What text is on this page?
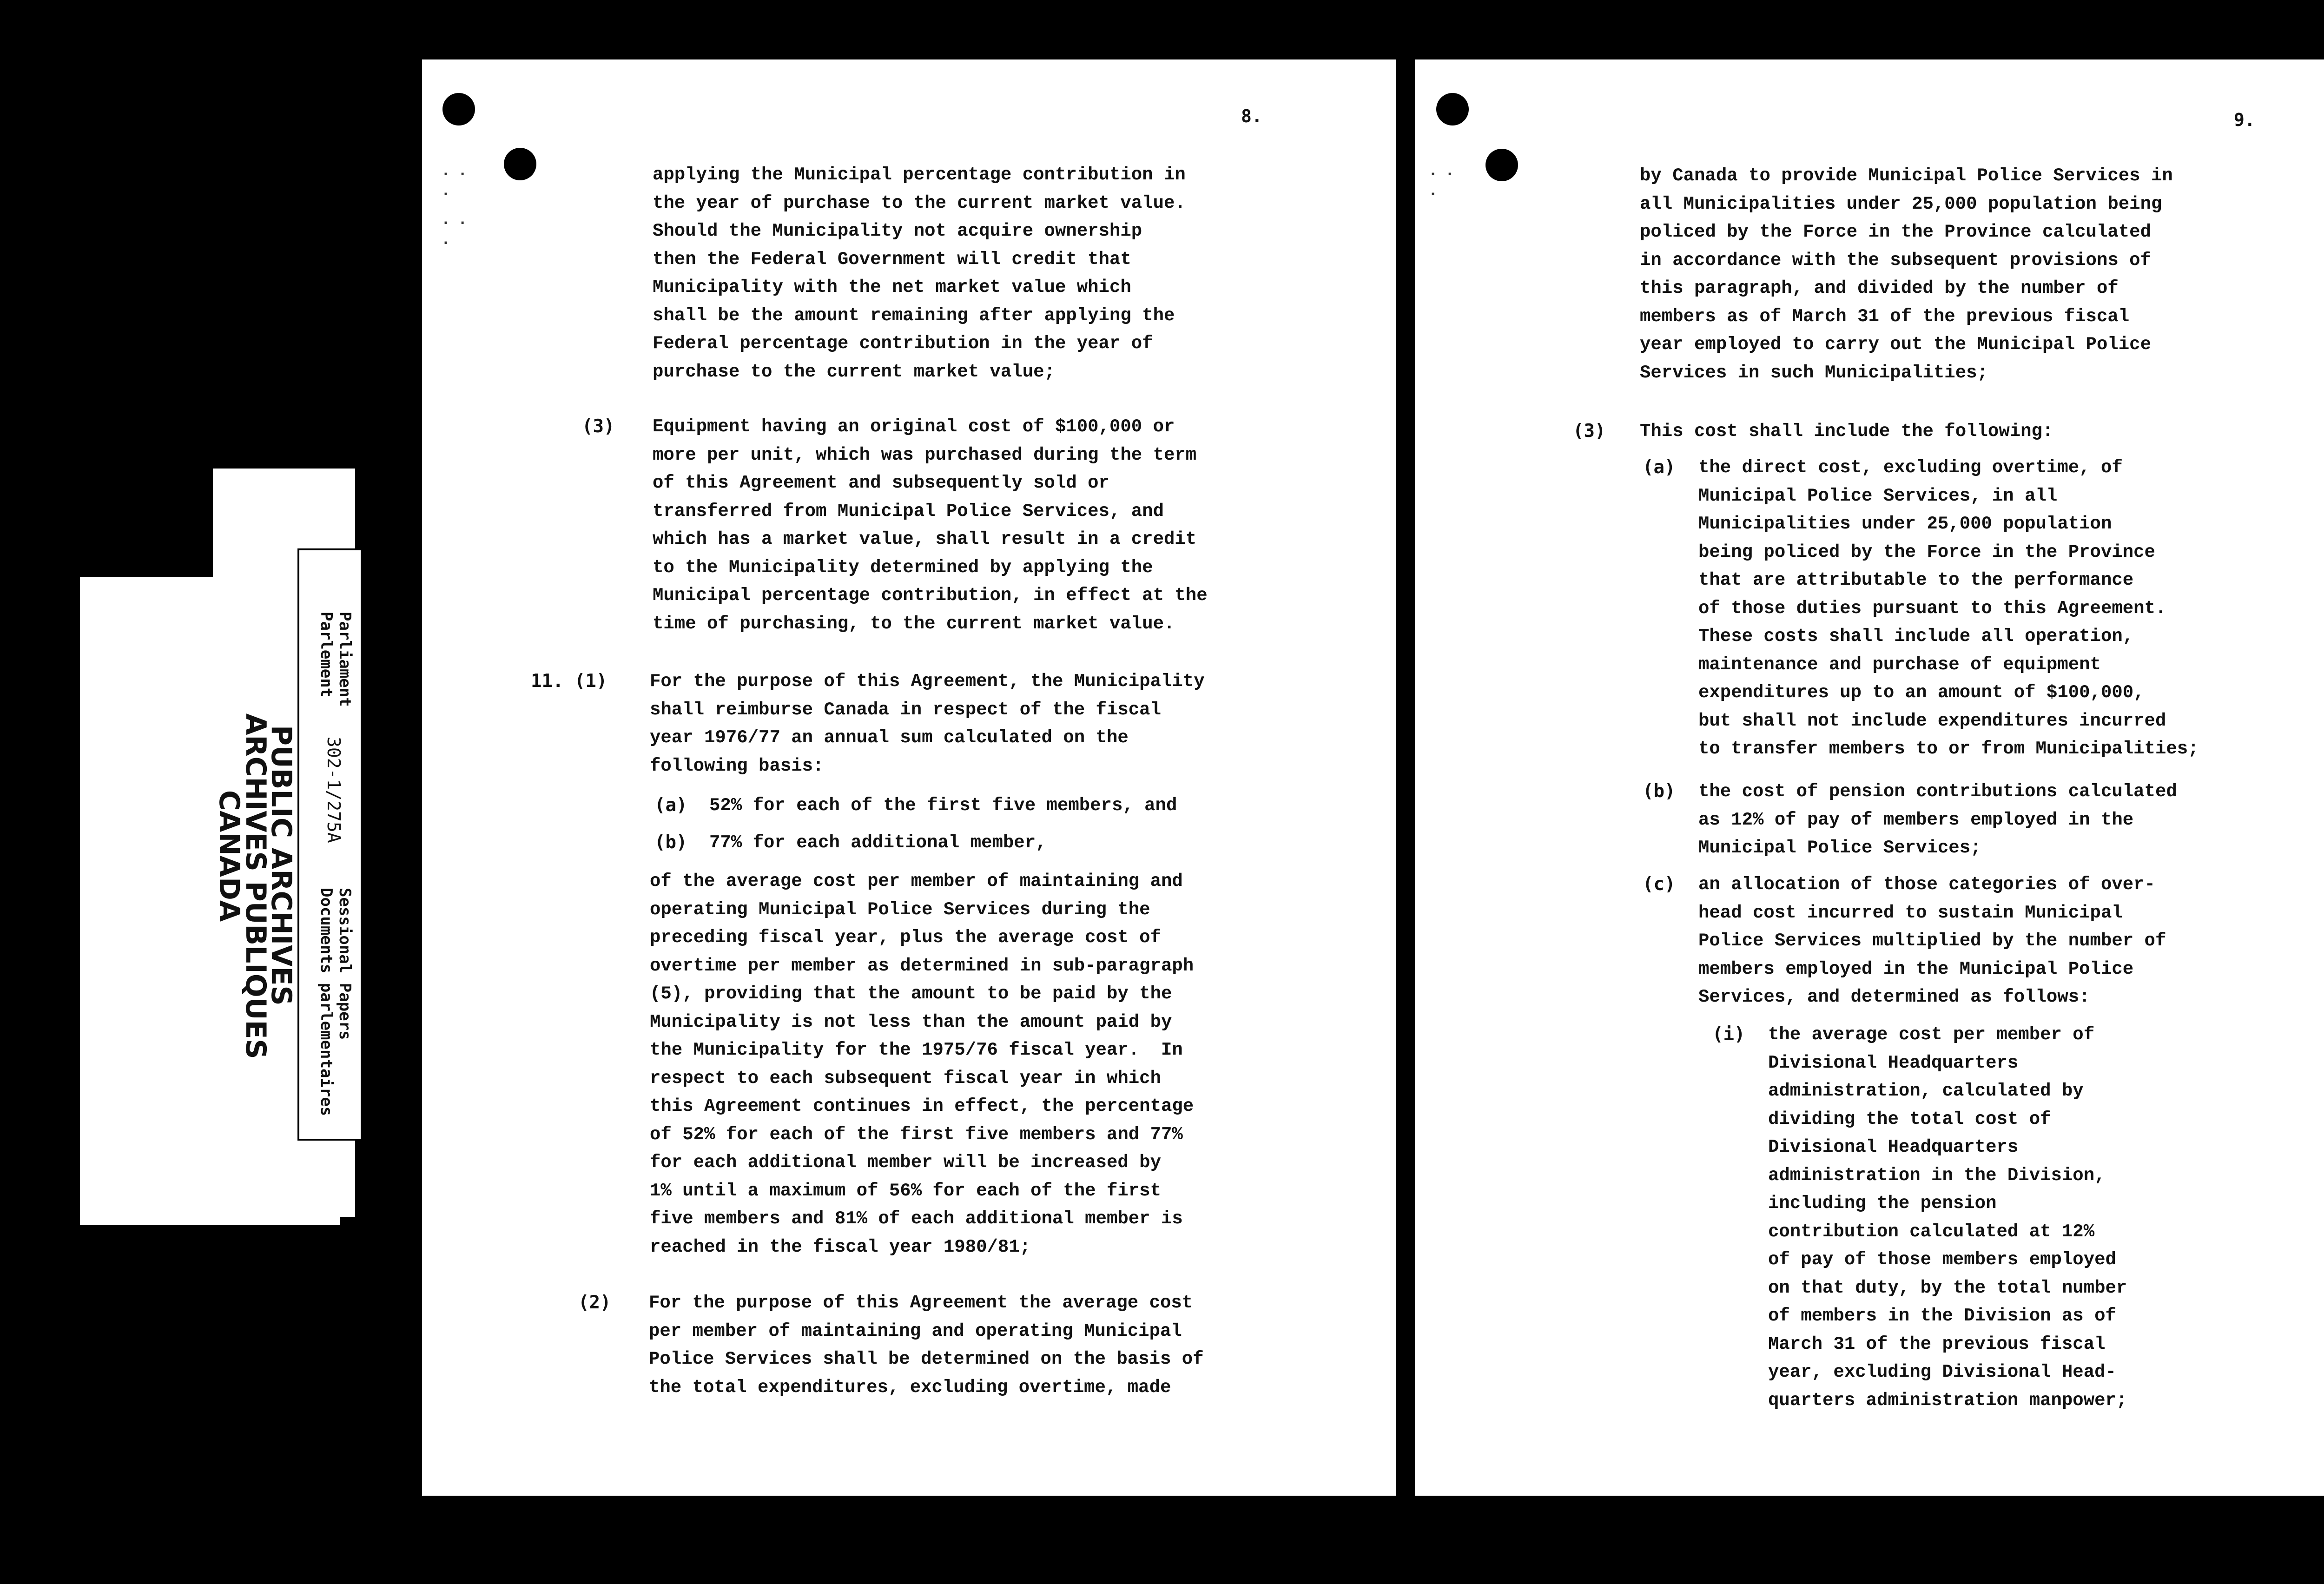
PUBLIC ARCHIVES
ARCHIVES PUBLIQUES
CANADA
Parliament
Parlement
302-1/275A
Sessional Papers
Documents parlementaires
· ·
.

· ·
.
8.
applying the Municipal percentage contribution in
the year of purchase to the current market value.
Should the Municipality not acquire ownership
then the Federal Government will credit that
Municipality with the net market value which
shall be the amount remaining after applying the
Federal percentage contribution in the year of
purchase to the current market value;
(3) Equipment having an original cost of $100,000 or
more per unit, which was purchased during the term
of this Agreement and subsequently sold or
transferred from Municipal Police Services, and
which has a market value, shall result in a credit
to the Municipality determined by applying the
Municipal percentage contribution, in effect at the
time of purchasing, to the current market value.
11. (1) For the purpose of this Agreement, the Municipality
shall reimburse Canada in respect of the fiscal
year 1976/77 an annual sum calculated on the
following basis:
(a) 52% for each of the first five members, and
(b) 77% for each additional member,
of the average cost per member of maintaining and
operating Municipal Police Services during the
preceding fiscal year, plus the average cost of
overtime per member as determined in sub-paragraph
(5), providing that the amount to be paid by the
Municipality is not less than the amount paid by
the Municipality for the 1975/76 fiscal year.  In
respect to each subsequent fiscal year in which
this Agreement continues in effect, the percentage
of 52% for each of the first five members and 77%
for each additional member will be increased by
1% until a maximum of 56% for each of the first
five members and 81% of each additional member is
reached in the fiscal year 1980/81;
(2) For the purpose of this Agreement the average cost
per member of maintaining and operating Municipal
Police Services shall be determined on the basis of
the total expenditures, excluding overtime, made
· ·
.
9.
by Canada to provide Municipal Police Services in
all Municipalities under 25,000 population being
policed by the Force in the Province calculated
in accordance with the subsequent provisions of
this paragraph, and divided by the number of
members as of March 31 of the previous fiscal
year employed to carry out the Municipal Police
Services in such Municipalities;
(3) This cost shall include the following:
(a) the direct cost, excluding overtime, of
Municipal Police Services, in all
Municipalities under 25,000 population
being policed by the Force in the Province
that are attributable to the performance
of those duties pursuant to this Agreement.
These costs shall include all operation,
maintenance and purchase of equipment
expenditures up to an amount of $100,000,
but shall not include expenditures incurred
to transfer members to or from Municipalities;
(b) the cost of pension contributions calculated
as 12% of pay of members employed in the
Municipal Police Services;
(c) an allocation of those categories of over-
head cost incurred to sustain Municipal
Police Services multiplied by the number of
members employed in the Municipal Police
Services, and determined as follows:
(i) the average cost per member of
Divisional Headquarters
administration, calculated by
dividing the total cost of
Divisional Headquarters
administration in the Division,
including the pension
contribution calculated at 12%
of pay of those members employed
on that duty, by the total number
of members in the Division as of
March 31 of the previous fiscal
year, excluding Divisional Head-
quarters administration manpower;
